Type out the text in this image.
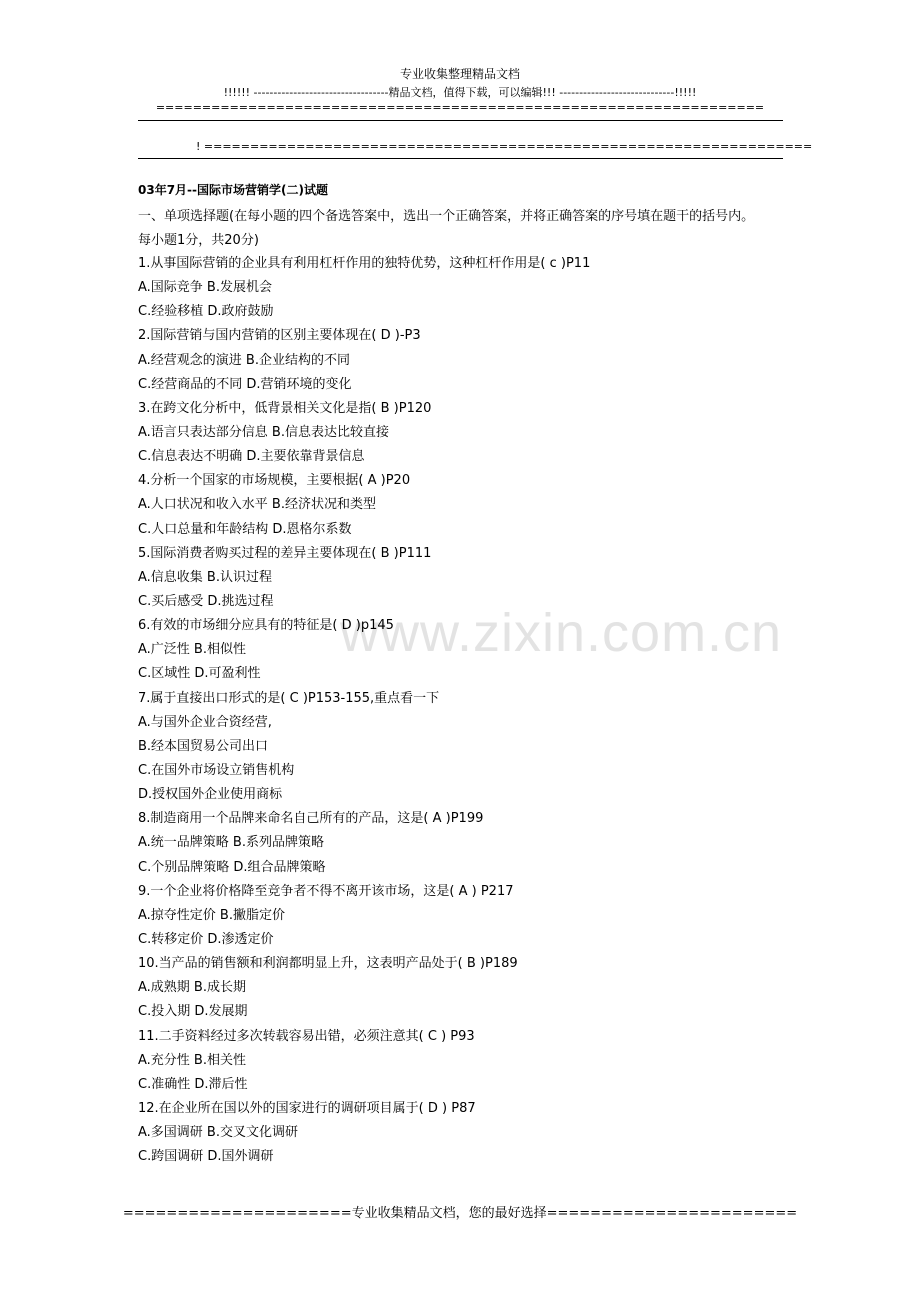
专业收集整理精品文档
!!!!!! ----------------------------------精品文档，值得下载，可以编辑!!! -----------------------------!!!!!
==================================================================
! ==================================================================
www.zixin.com.cn
03年7月--国际市场营销学(二)试题
一、单项选择题(在每小题的四个备选答案中，选出一个正确答案，并将正确答案的序号填在题干的括号内。
每小题1分，共20分)
1.从事国际营销的企业具有利用杠杆作用的独特优势，这种杠杆作用是( c )P11
A.国际竞争 B.发展机会
C.经验移植 D.政府鼓励
2.国际营销与国内营销的区别主要体现在( D )-P3
A.经营观念的演进 B.企业结构的不同
C.经营商品的不同 D.营销环境的变化
3.在跨文化分析中，低背景相关文化是指( B )P120
A.语言只表达部分信息 B.信息表达比较直接
C.信息表达不明确 D.主要依靠背景信息
4.分析一个国家的市场规模，主要根据( A )P20
A.人口状况和收入水平 B.经济状况和类型
C.人口总量和年龄结构 D.恩格尔系数
5.国际消费者购买过程的差异主要体现在( B )P111
A.信息收集 B.认识过程
C.买后感受 D.挑选过程
6.有效的市场细分应具有的特征是( D )p145
A.广泛性 B.相似性
C.区域性 D.可盈利性
7.属于直接出口形式的是( C )P153-155,重点看一下
A.与国外企业合资经营,
B.经本国贸易公司出口
C.在国外市场设立销售机构
D.授权国外企业使用商标
8.制造商用一个品牌来命名自己所有的产品，这是( A )P199
A.统一品牌策略 B.系列品牌策略
C.个别品牌策略 D.组合品牌策略
9.一个企业将价格降至竞争者不得不离开该市场，这是( A ) P217
A.掠夺性定价 B.撇脂定价
C.转移定价 D.渗透定价
10.当产品的销售额和利润都明显上升，这表明产品处于( B )P189
A.成熟期 B.成长期
C.投入期 D.发展期
11.二手资料经过多次转载容易出错，必须注意其( C ) P93
A.充分性 B.相关性
C.准确性 D.滞后性
12.在企业所在国以外的国家进行的调研项目属于( D ) P87
A.多国调研 B.交叉文化调研
C.跨国调研 D.国外调研
=====================专业收集精品文档，您的最好选择=======================
